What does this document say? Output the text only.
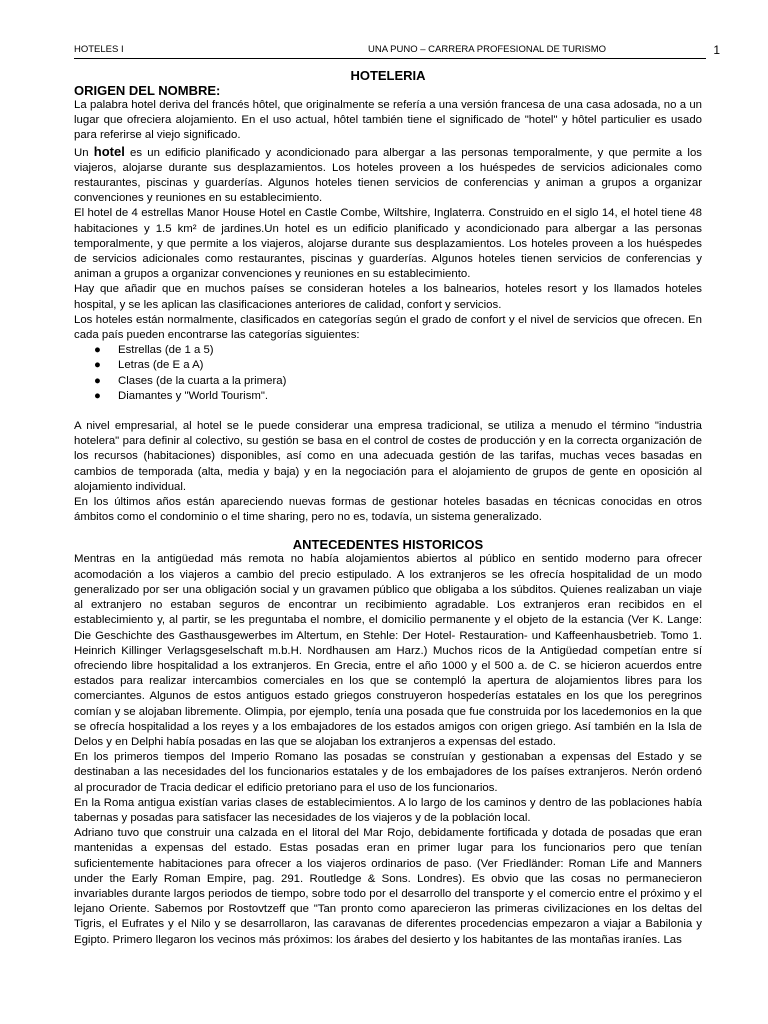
HOTELES I	UNA PUNO – CARRERA PROFESIONAL DE TURISMO	1
HOTELERIA
ORIGEN DEL NOMBRE:

La palabra hotel deriva del francés hôtel, que originalmente se refería a una versión francesa de una casa adosada, no a un lugar que ofreciera alojamiento. En el uso actual, hôtel también tiene el significado de "hotel" y hôtel particulier es usado para referirse al viejo significado.

Un hotel es un edificio planificado y acondicionado para albergar a las personas temporalmente, y que permite a los viajeros, alojarse durante sus desplazamientos. Los hoteles proveen a los huéspedes de servicios adicionales como restaurantes, piscinas y guarderías. Algunos hoteles tienen servicios de conferencias y animan a grupos a organizar convenciones y reuniones en su establecimiento.

El hotel de 4 estrellas Manor House Hotel en Castle Combe, Wiltshire, Inglaterra. Construido en el siglo 14, el hotel tiene 48 habitaciones y 1.5 km² de jardines.Un hotel es un edificio planificado y acondicionado para albergar a las personas temporalmente, y que permite a los viajeros, alojarse durante sus desplazamientos. Los hoteles proveen a los huéspedes de servicios adicionales como restaurantes, piscinas y guarderías. Algunos hoteles tienen servicios de conferencias y animan a grupos a organizar convenciones y reuniones en su establecimiento.

Hay que añadir que en muchos países se consideran hoteles a los balnearios, hoteles resort y los llamados hoteles hospital, y se les aplican las clasificaciones anteriores de calidad, confort y servicios.

Los hoteles están normalmente, clasificados en categorías según el grado de confort y el nivel de servicios que ofrecen. En cada país pueden encontrarse las categorías siguientes:

● Estrellas (de 1 a 5)
● Letras (de E a A)
● Clases (de la cuarta a la primera)
● Diamantes y "World Tourism".

A nivel empresarial, al hotel se le puede considerar una empresa tradicional, se utiliza a menudo el término "industria hotelera" para definir al colectivo, su gestión se basa en el control de costes de producción y en la correcta organización de los recursos (habitaciones) disponibles, así como en una adecuada gestión de las tarifas, muchas veces basadas en cambios de temporada (alta, media y baja) y en la negociación para el alojamiento de grupos de gente en oposición al alojamiento individual.

En los últimos años están apareciendo nuevas formas de gestionar hoteles basadas en técnicas conocidas en otros ámbitos como el condominio o el time sharing, pero no es, todavía, un sistema generalizado.

ANTECEDENTES HISTORICOS

Mentras en la antigüedad más remota no había alojamientos abiertos al público en sentido moderno para ofrecer acomodación a los viajeros a cambio del precio estipulado. A los extranjeros se les ofrecía hospitalidad de un modo generalizado por ser una obligación social y un gravamen público que obligaba a los súbditos. Quienes realizaban un viaje al extranjero no estaban seguros de encontrar un recibimiento agradable. Los extranjeros eran recibidos en el establecimiento y, al partir, se les preguntaba el nombre, el domicilio permanente y el objeto de la estancia (Ver K. Lange: Die Geschichte des Gasthausgewerbes im Altertum, en Stehle: Der Hotel- Restauration- und Kaffeenhausbetrieb. Tomo 1. Heinrich Killinger Verlagsgeselschaft m.b.H. Nordhausen am Harz.) Muchos ricos de la Antigüedad competían entre sí ofreciendo libre hospitalidad a los extranjeros. En Grecia, entre el año 1000 y el 500 a. de C. se hicieron acuerdos entre estados para realizar intercambios comerciales en los que se contempló la apertura de alojamientos libres para los comerciantes. Algunos de estos antiguos estado griegos construyeron hospederías estatales en los que los peregrinos comían y se alojaban libremente. Olimpia, por ejemplo, tenía una posada que fue construida por los lacedemonios en la que se ofrecía hospitalidad a los reyes y a los embajadores de los estados amigos con origen griego. Así también en la Isla de Delos y en Delphi había posadas en las que se alojaban los extranjeros a expensas del estado.

En los primeros tiempos del Imperio Romano las posadas se construían y gestionaban a expensas del Estado y se destinaban a las necesidades del los funcionarios estatales y de los embajadores de los países extranjeros. Nerón ordenó al procurador de Tracia dedicar el edificio pretoriano para el uso de los funcionarios.

En la Roma antigua existían varias clases de establecimientos. A lo largo de los caminos y dentro de las poblaciones había tabernas y posadas para satisfacer las necesidades de los viajeros y de la población local.

Adriano tuvo que construir una calzada en el litoral del Mar Rojo, debidamente fortificada y dotada de posadas que eran mantenidas a expensas del estado. Estas posadas eran en primer lugar para los funcionarios pero que tenían suficientemente habitaciones para ofrecer a los viajeros ordinarios de paso. (Ver Friedländer: Roman Life and Manners under the Early Roman Empire, pag. 291. Routledge & Sons. Londres). Es obvio que las cosas no permanecieron invariables durante largos periodos de tiempo, sobre todo por el desarrollo del transporte y el comercio entre el próximo y el lejano Oriente. Sabemos por Rostovtzeff que "Tan pronto como aparecieron las primeras civilizaciones en los deltas del Tigris, el Eufrates y el Nilo y se desarrollaron, las caravanas de diferentes procedencias empezaron a viajar a Babilonia y Egipto. Primero llegaron los vecinos más próximos: los árabes del desierto y los habitantes de las montañas iraníes. Las
